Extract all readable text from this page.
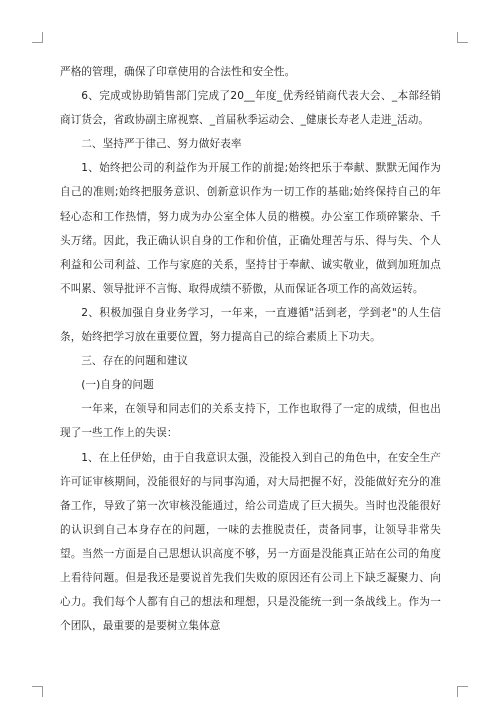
严格的管理，确保了印章使用的合法性和安全性。

6、完成或协助销售部门完成了20__年度_优秀经销商代表大会、_本部经销商订货会，省政协副主席视察、_首届秋季运动会、_健康长寿老人走进_活动。

二、坚持严于律己、努力做好表率

1、始终把公司的利益作为开展工作的前提;始终把乐于奉献、默默无闻作为自己的准则;始终把服务意识、创新意识作为一切工作的基础;始终保持自己的年轻心态和工作热情，努力成为办公室全体人员的楷模。办公室工作琐碎繁杂、千头万绪。因此，我正确认识自身的工作和价值，正确处理苦与乐、得与失、个人利益和公司利益、工作与家庭的关系，坚持甘于奉献、诚实敬业，做到加班加点不叫累、领导批评不言悔、取得成绩不骄傲，从而保证各项工作的高效运转。

2、积极加强自身业务学习，一年来，一直遵循"活到老，学到老"的人生信条，始终把学习放在重要位置，努力提高自己的综合素质上下功夫。

三、存在的问题和建议

(一)自身的问题

一年来，在领导和同志们的关系支持下，工作也取得了一定的成绩，但也出现了一些工作上的失误：

1、在上任伊始，由于自我意识太强，没能投入到自己的角色中，在安全生产许可证审核期间，没能很好的与同事沟通，对大局把握不好，没能做好充分的准备工作，导致了第一次审核没能通过，给公司造成了巨大损失。当时也没能很好的认识到自己本身存在的问题，一味的去推脱责任，责备同事，让领导非常失望。当然一方面是自己思想认识高度不够，另一方面是没能真正站在公司的角度上看待问题。但是我还是要说首先我们失败的原因还有公司上下缺乏凝聚力、向心力。我们每个人都有自己的想法和理想，只是没能统一到一条战线上。作为一个团队，最重要的是要树立集体意
